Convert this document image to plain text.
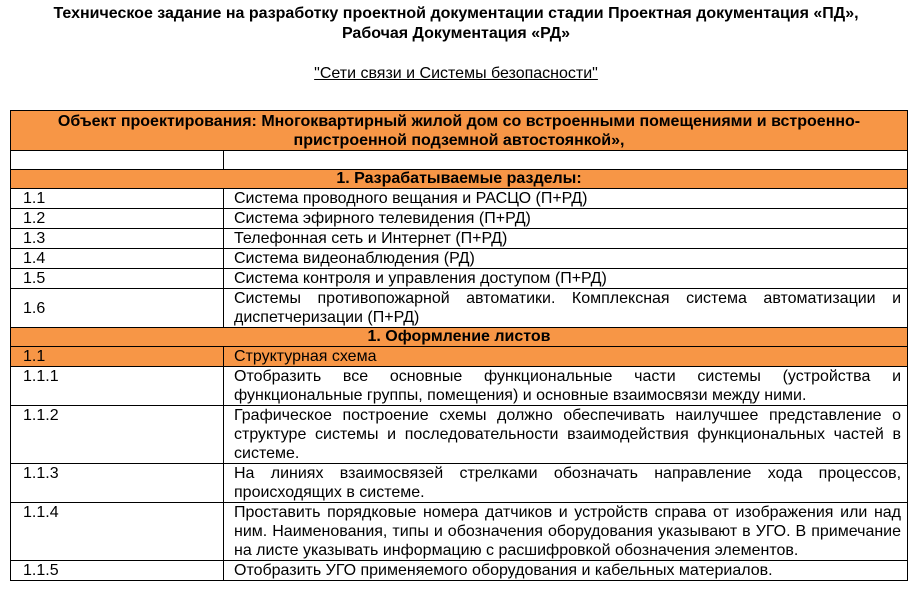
Техническое задание на разработку проектной документации стадии Проектная документация «ПД»,
Рабочая Документация «РД»
"Сети связи и Системы безопасности"
Объект проектирования: Многоквартирный жилой дом со встроенными помещениями и встроенно-пристроенной подземной автостоянкой»,	

1. Разрабатываемые разделы:	
1.1	Система проводного вещания и РАСЦО (П+РД)
1.2	Система эфирного телевидения (П+РД)
1.3	Телефонная сеть и Интернет (П+РД)
1.4	Система видеонаблюдения (РД)
1.5	Система контроля и управления доступом (П+РД)
1.6	Системы противопожарной автоматики. Комплексная система автоматизации и диспетчеризации (П+РД)
1. Оформление листов	
1.1	Структурная схема
1.1.1	Отобразить все основные функциональные части системы (устройства и функциональные группы, помещения) и основные взаимосвязи между ними.
1.1.2	Графическое построение схемы должно обеспечивать наилучшее представление о структуре системы и последовательности взаимодействия функциональных частей в системе.
1.1.3	На линиях взаимосвязей стрелками обозначать направление хода процессов, происходящих в системе.
1.1.4	Проставить порядковые номера датчиков и устройств справа от изображения или над ним. Наименования, типы и обозначения оборудования указывают в УГО. В примечание на листе указывать информацию с расшифровкой обозначения элементов.
1.1.5	Отобразить УГО применяемого оборудования и кабельных материалов.
